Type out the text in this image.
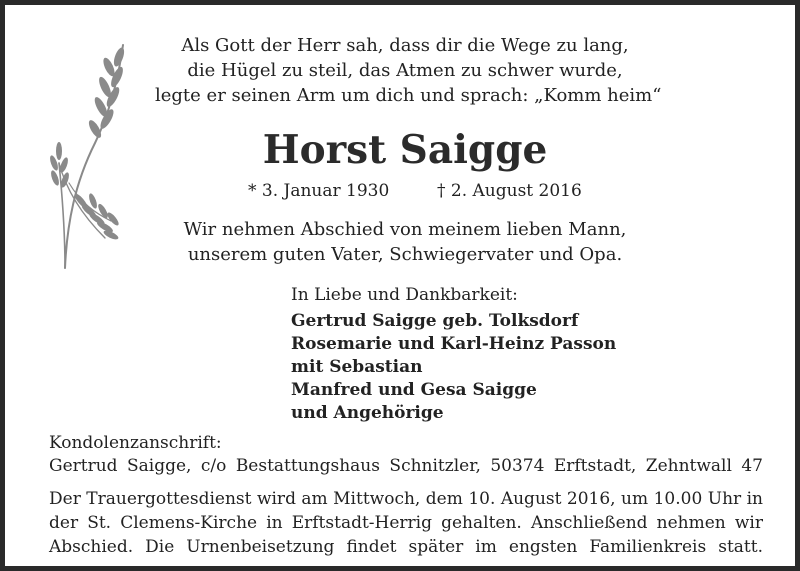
Als Gott der Herr sah, dass dir die Wege zu lang,
die Hügel zu steil, das Atmen zu schwer wurde,
legte er seinen Arm um dich und sprach: „Komm heim“
Horst Saigge
* 3. Januar 1930	† 2. August 2016
Wir nehmen Abschied von meinem lieben Mann,
unserem guten Vater, Schwiegervater und Opa.
In Liebe und Dankbarkeit:
Gertrud Saigge geb. Tolksdorf
Rosemarie und Karl-Heinz Passon
mit Sebastian
Manfred und Gesa Saigge
und Angehörige
Kondolenzanschrift:
Gertrud Saigge, c/o Bestattungshaus Schnitzler, 50374 Erftstadt, Zehntwall 47
Der Trauergottesdienst wird am Mittwoch, dem 10. August 2016, um 10.00 Uhr in
der St. Clemens-Kirche in Erftstadt-Herrig gehalten. Anschließend nehmen wir
Abschied. Die Urnenbeisetzung findet später im engsten Familienkreis statt.
